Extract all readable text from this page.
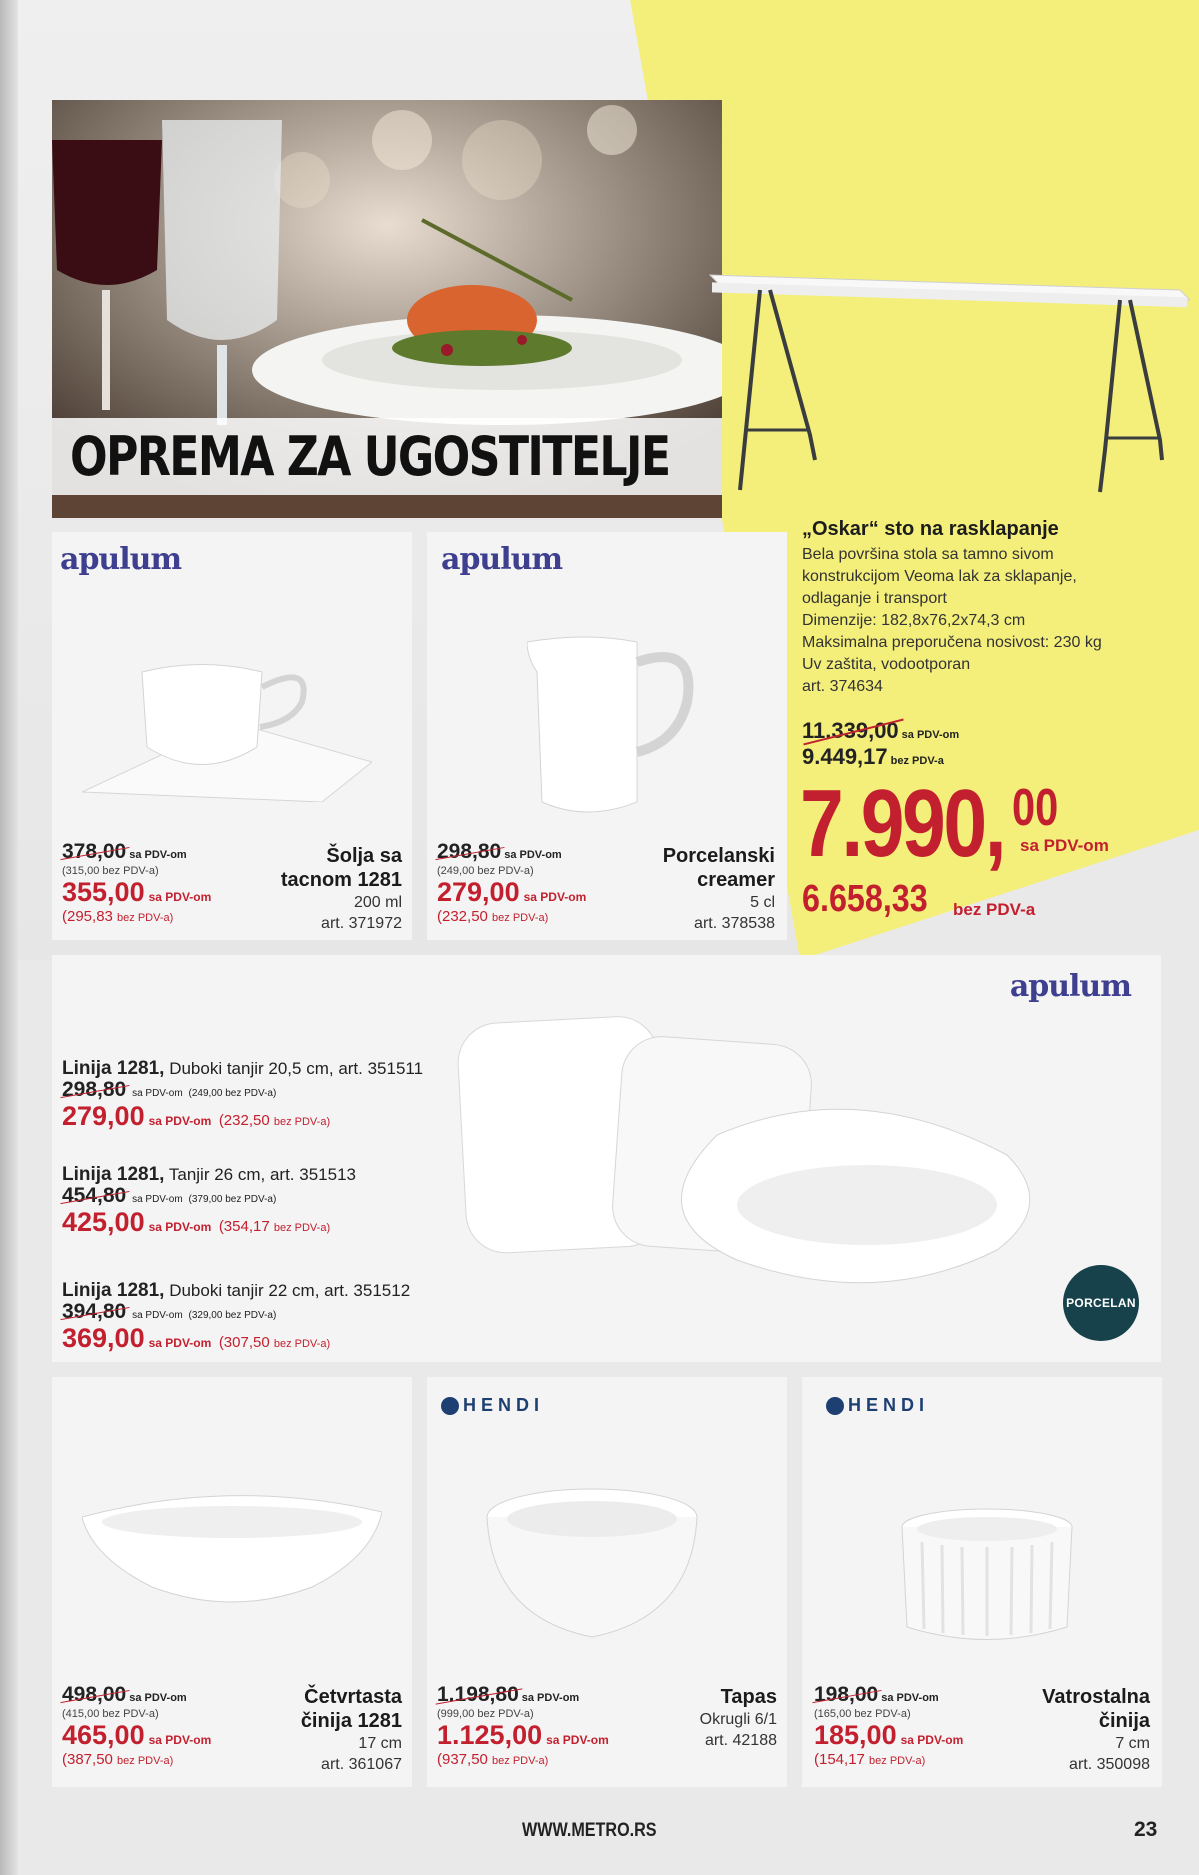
OPREMA ZA UGOSTITELJE
„Oskar“ sto na rasklapanje
Bela površina stola sa tamno sivom
konstrukcijom Veoma lak za sklapanje,
odlaganje i transport
Dimenzije: 182,8x76,2x74,3 cm
Maksimalna preporučena nosivost: 230 kg
Uv zaštita, vodootporan
art. 374634
11.339,00 sa PDV-om
9.449,17 bez PDV-a
7.990, 00
sa PDV-om
6.658,33 bez PDV-a
apulum
378,00 sa PDV-om
(315,00 bez PDV-a)
355,00 sa PDV-om
(295,83 bez PDV-a)
Šolja sa
tacnom 1281
200 ml
art. 371972
apulum
298,80 sa PDV-om
(249,00 bez PDV-a)
279,00 sa PDV-om
(232,50 bez PDV-a)
Porcelanski
creamer
5 cl
art. 378538
apulum
PORCELAN
Linija 1281, Duboki tanjir 20,5 cm, art. 351511
298,80 sa PDV-om (249,00 bez PDV-a)
279,00 sa PDV-om (232,50 bez PDV-a)
Linija 1281, Tanjir 26 cm, art. 351513
454,80 sa PDV-om (379,00 bez PDV-a)
425,00 sa PDV-om (354,17 bez PDV-a)
Linija 1281, Duboki tanjir 22 cm, art. 351512
394,80 sa PDV-om (329,00 bez PDV-a)
369,00 sa PDV-om (307,50 bez PDV-a)
498,00 sa PDV-om
(415,00 bez PDV-a)
465,00 sa PDV-om
(387,50 bez PDV-a)
Četvrtasta
činija 1281
17 cm
art. 361067
HENDI
1.198,80 sa PDV-om
(999,00 bez PDV-a)
1.125,00 sa PDV-om
(937,50 bez PDV-a)
Tapas
Okrugli 6/1
art. 42188
HENDI
198,00 sa PDV-om
(165,00 bez PDV-a)
185,00 sa PDV-om
(154,17 bez PDV-a)
Vatrostalna
činija
7 cm
art. 350098
WWW.METRO.RS	23
